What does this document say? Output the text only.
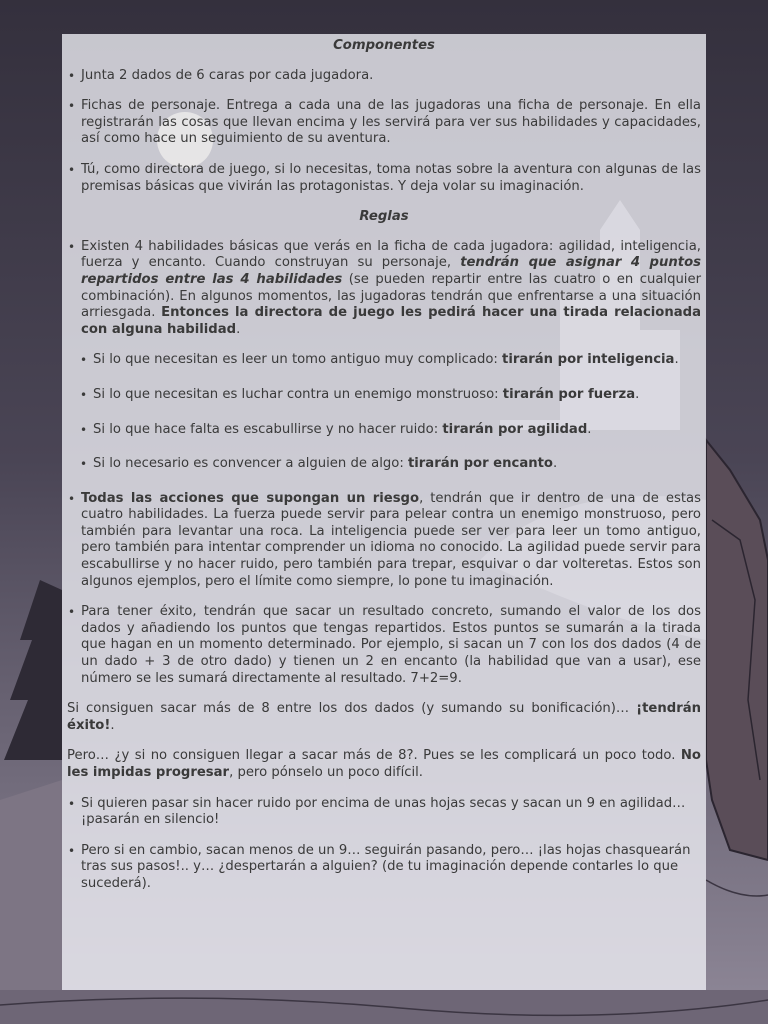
Componentes
• Junta 2 dados de 6 caras por cada jugadora.
• Fichas de personaje. Entrega a cada una de las jugadoras una ficha de personaje. En ella registrarán las cosas que llevan encima y les servirá para ver sus habilidades y capacidades, así como hace un seguimiento de su aventura.
• Tú, como directora de juego, si lo necesitas, toma notas sobre la aventura con algunas de las premisas básicas que vivirán las protagonistas. Y deja volar su imaginación.
Reglas
• Existen 4 habilidades básicas que verás en la ficha de cada jugadora: agilidad, inteligencia, fuerza y encanto. Cuando construyan su personaje, tendrán que asignar 4 puntos repartidos entre las 4 habilidades (se pueden repartir entre las cuatro o en cualquier combinación). En algunos momentos, las jugadoras tendrán que enfrentarse a una situación arriesgada. Entonces la directora de juego les pedirá hacer una tirada relacionada con alguna habilidad.
• Si lo que necesitan es leer un tomo antiguo muy complicado: tirarán por inteligencia.
• Si lo que necesitan es luchar contra un enemigo monstruoso: tirarán por fuerza.
• Si lo que hace falta es escabullirse y no hacer ruido: tirarán por agilidad.
• Si lo necesario es convencer a alguien de algo: tirarán por encanto.
• Todas las acciones que supongan un riesgo, tendrán que ir dentro de una de estas cuatro habilidades. La fuerza puede servir para pelear contra un enemigo monstruoso, pero también para levantar una roca. La inteligencia puede ser ver para leer un tomo antiguo, pero también para intentar comprender un idioma no conocido. La agilidad puede servir para escabullirse y no hacer ruido, pero también para trepar, esquivar o dar volteretas. Estos son algunos ejemplos, pero el límite como siempre, lo pone tu imaginación.
• Para tener éxito, tendrán que sacar un resultado concreto, sumando el valor de los dos dados y añadiendo los puntos que tengas repartidos. Estos puntos se sumarán a la tirada que hagan en un momento determinado. Por ejemplo, si sacan un 7 con los dos dados (4 de un dado + 3 de otro dado) y tienen un 2 en encanto (la habilidad que van a usar), ese número se les sumará directamente al resultado. 7+2=9.

Si consiguen sacar más de 8 entre los dos dados (y sumando su bonificación)… ¡tendrán éxito!.

Pero… ¿y si no consiguen llegar a sacar más de 8?. Pues se les complicará un poco todo. No les impidas progresar, pero pónselo un poco difícil.

• Si quieren pasar sin hacer ruido por encima de unas hojas secas y sacan un 9 en agilidad… ¡pasarán en silencio!
• Pero si en cambio, sacan menos de un 9… seguirán pasando, pero… ¡las hojas chasquearán tras sus pasos!.. y… ¿despertarán a alguien? (de tu imaginación depende contarles lo que sucederá).
